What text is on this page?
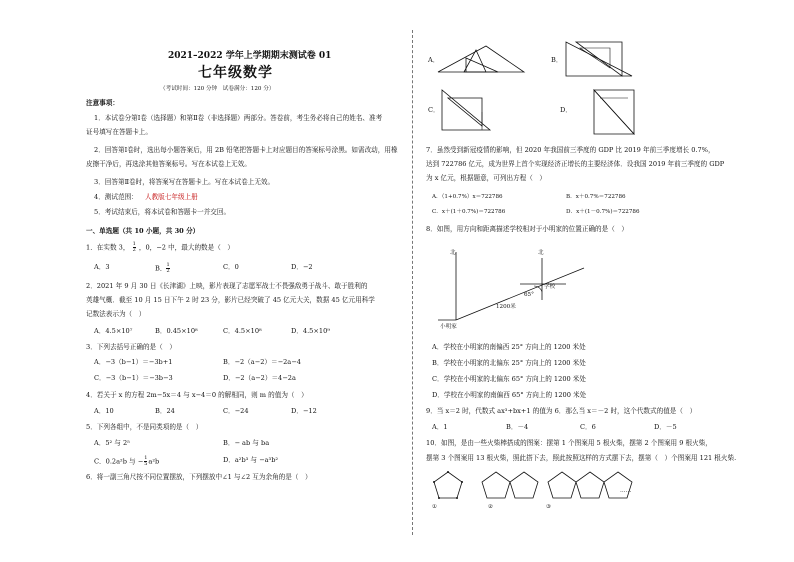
2021–2022 学年上学期期末测试卷 01
七年级数学
（考试时间：120 分钟　试卷满分：120 分）
注意事项：
1．本试卷分第Ⅰ卷（选择题）和第Ⅱ卷（非选择题）两部分。答卷前，考生务必将自己的姓名、准考
证号填写在答题卡上。
2．回答第Ⅰ卷时，选出每小题答案后，用 2B 铅笔把答题卡上对应题目的答案标号涂黑。如需改动，用橡
皮擦干净后，再选涂其他答案标号。写在本试卷上无效。
3．回答第Ⅱ卷时，将答案写在答题卡上。写在本试卷上无效。
4．测试范围： 人教版七年级上册
5．考试结束后，将本试卷和答题卡一并交回。
一、单选题（共 10 小题，共 30 分）
1．在实数 3， $\frac{1}{2}$ ，0，−2 中，最大的数是（　）
A．3	B． $\frac{1}{2}$	C．0	D．−2
2．2021 年 9 月 30 日《长津湖》上映，影片表现了志愿军战士不畏强敌勇于战斗、敢于胜利的
英雄气概．截至 10 月 15 日下午 2 时 23 分，影片已经突破了 45 亿元大关，数据 45 亿元用科学
记数法表示为（　）
A．4.5×10⁷	B．0.45×10⁸	C．4.5×10⁸	D．4.5×10⁹
3．下列去括号正确的是（　）
A．−3（b−1）＝−3b+1	B．−2（a−2）＝−2a−4
C．−3（b−1）＝−3b−3	D．−2（a−2）＝4−2a
4．若关于 x 的方程 2m−5x＝4 与 x−4＝0 的解相同，则 m 的值为（　）
A．10	B．24	C．−24	D．−12
5．下列各组中，不是同类项的是（　）
A．5² 与 2⁵	B．− ab 与 ba
C．0.2a²b 与 − $\frac{1}{5} a^2b$	D．a²b³ 与 −a³b²
6．将一副三角尺按不同位置摆放，下列摆放中∠1 与∠2 互为余角的是（　）
A．	B．
C．	D．
7．虽然受到新冠疫情的影响，但 2020 年我国前三季度的 GDP 比 2019 年前三季度增长 0.7%，
达到 722786 亿元，成为世界上首个实现经济正增长的主要经济体．设我国 2019 年前三季度的 GDP
为 x 亿元，根据题意，可列出方程（　）
A．（1+0.7%）x＝722786	B．x＋0.7%＝722786
C．x＋(1＋0.7%)＝722786	D．x＋(1－0.7%)＝722786
8．如图，用方向和距离描述学校相对于小明家的位置正确的是（　）
北	北
学校
65°
1200米
小明家
A．学校在小明家的南偏西 25° 方向上的 1200 米处
B．学校在小明家的北偏东 25° 方向上的 1200 米处
C．学校在小明家的北偏东 65° 方向上的 1200 米处
D．学校在小明家的南偏西 65° 方向上的 1200 米处
9．当 x＝2 时，代数式 ax³+bx+1 的值为 6．那么当 x＝－2 时，这个代数式的值是（　）
A．1	B．－4	C．6	D．－5
10．如图，是由一些火柴棒搭成的图案：摆第 1 个图案用 5 根火柴，摆第 2 个图案用 9 根火柴，
摆第 3 个图案用 13 根火柴，照此搭下去，照此按照这样的方式摆下去，摆第（　）个图案用 121 根火柴.
①	②	③
……
